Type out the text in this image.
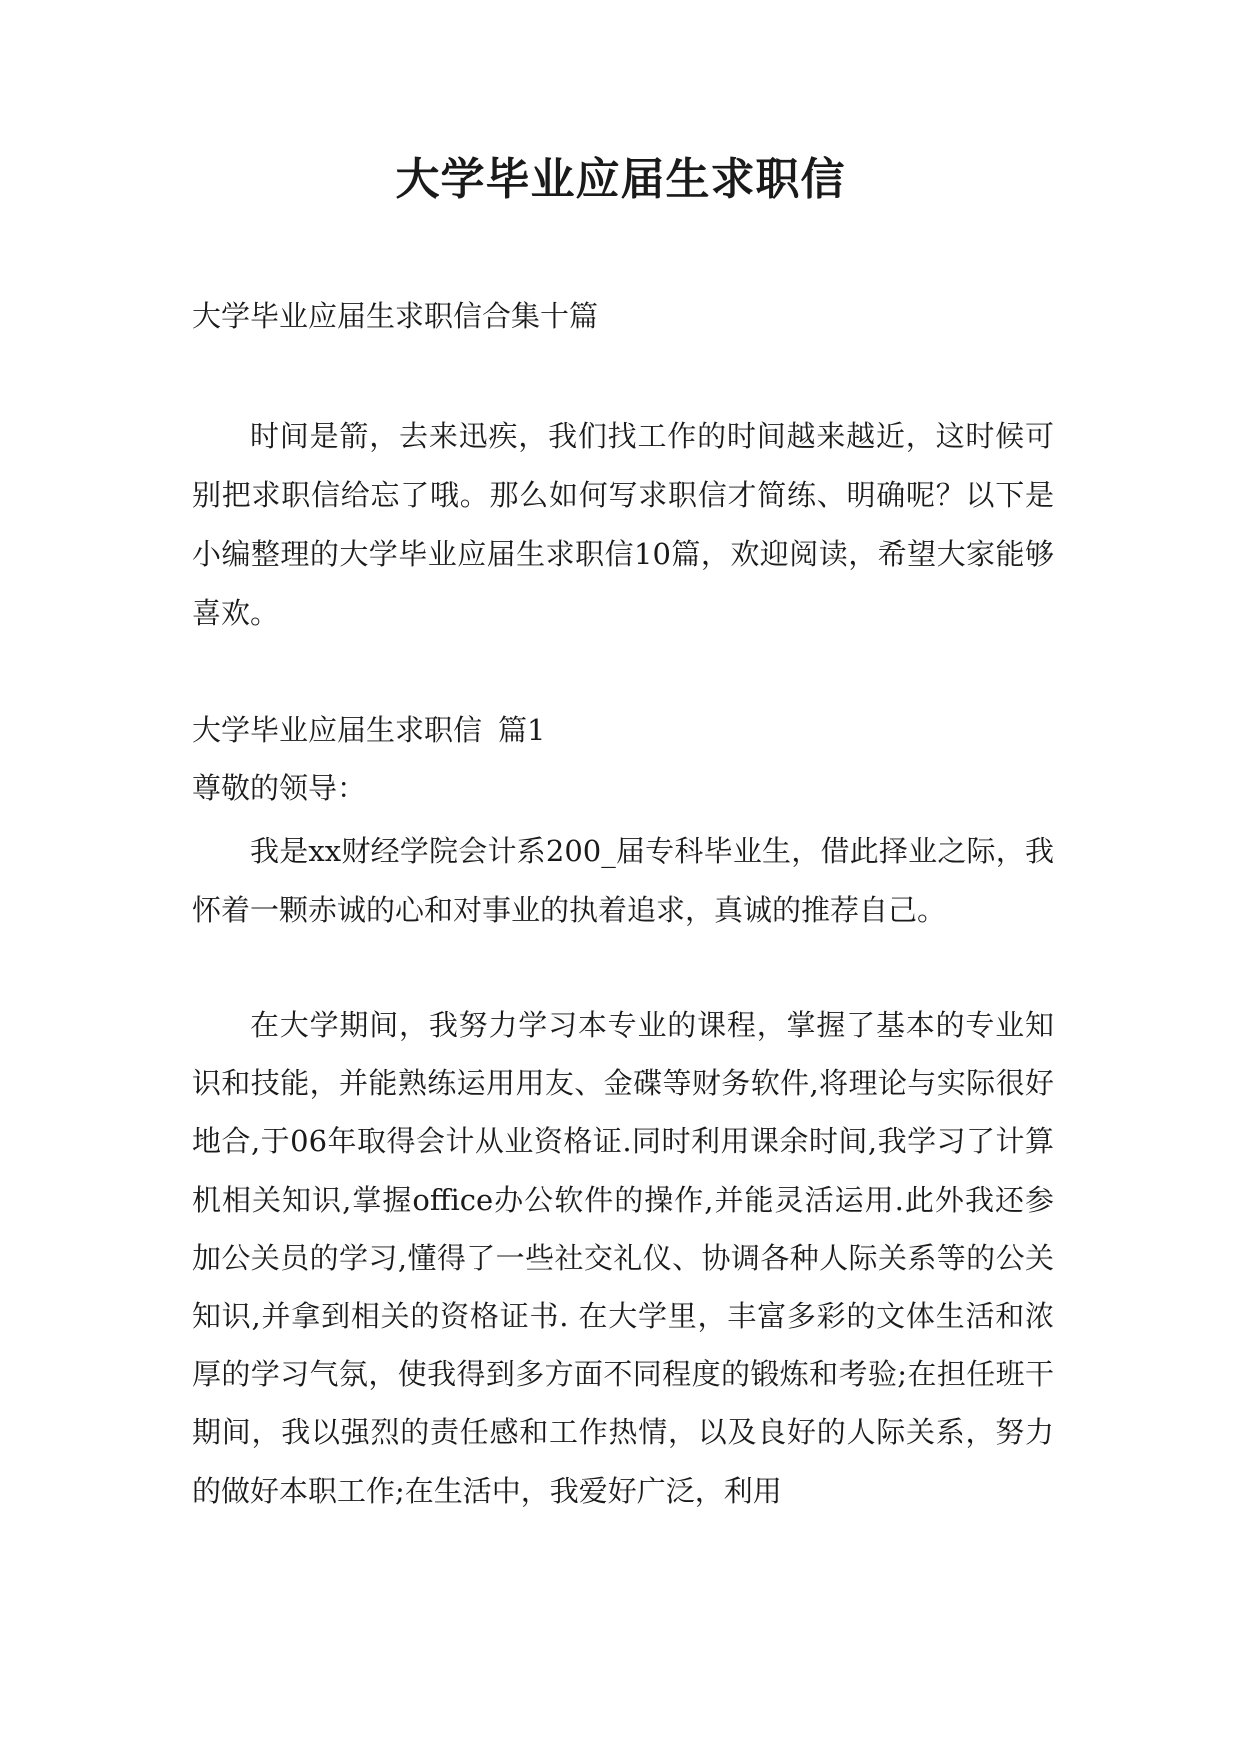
大学毕业应届生求职信

大学毕业应届生求职信合集十篇

时间是箭，去来迅疾，我们找工作的时间越来越近，这时候可别把求职信给忘了哦。那么如何写求职信才简练、明确呢？以下是小编整理的大学毕业应届生求职信10篇，欢迎阅读，希望大家能够喜欢。

大学毕业应届生求职信 篇1

尊敬的领导：

我是xx财经学院会计系200_届专科毕业生，借此择业之际，我怀着一颗赤诚的心和对事业的执着追求，真诚的推荐自己。

在大学期间，我努力学习本专业的课程，掌握了基本的专业知识和技能，并能熟练运用用友、金碟等财务软件,将理论与实际很好地合,于06年取得会计从业资格证.同时利用课余时间,我学习了计算机相关知识,掌握office办公软件的操作,并能灵活运用.此外我还参加公关员的学习,懂得了一些社交礼仪、协调各种人际关系等的公关知识,并拿到相关的资格证书. 在大学里，丰富多彩的文体生活和浓厚的学习气氛，使我得到多方面不同程度的锻炼和考验;在担任班干期间，我以强烈的责任感和工作热情，以及良好的人际关系，努力的做好本职工作;在生活中，我爱好广泛，利用
